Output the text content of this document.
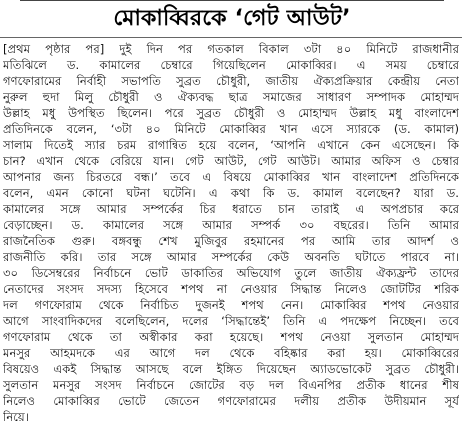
মোকাব্বিরকে ‘গেট আউট’
[প্রথম পৃষ্ঠার পর] দুই দিন পর গতকাল বিকাল ৩টা ৪০ মিনিটে রাজধানীর
মতিঝিলে ড. কামালের চেম্বারে গিয়েছিলেন মোকাব্বির। এ সময় চেম্বারে
গণফোরামের নির্বাহী সভাপতি সুব্রত চৌধুরী, জাতীয় ঐক্যপ্রক্রিয়ার কেন্দ্রীয় নেতা
নুরুল হুদা মিলু চৌধুরী ও ঐক্যবদ্ধ ছাত্র সমাজের সাধারণ সম্পাদক মোহাম্মদ
উল্লাহ মধু উপস্থিত ছিলেন। পরে সুব্রত চৌধুরী ও মোহাম্মদ উল্লাহ মধু বাংলাদেশ
প্রতিদিনকে বলেন, ‘৩টা ৪০ মিনিটে মোকাব্বির খান এসে স্যারকে (ড. কামাল)
সালাম দিতেই স্যার চরম রাগান্বিত হয়ে বলেন, ‘আপনি এখানে কেন এসেছেন। কি
চান? এখান থেকে বেরিয়ে যান। গেট আউট, গেট আউট। আমার অফিস ও চেম্বার
আপনার জন্য চিরতরে বন্ধ।’ তবে এ বিষয়ে মোকাব্বির খান বাংলাদেশ প্রতিদিনকে
বলেন, এমন কোনো ঘটনা ঘটেনি। এ কথা কি ড. কামাল বলেছেন? যারা ড.
কামালের সঙ্গে আমার সম্পর্কের চির ধরাতে চান তারাই এ অপপ্রচার করে
বেড়াচ্ছেন। ড. কামালের সঙ্গে আমার সম্পর্ক ৩০ বছরের। তিনি আমার
রাজনৈতিক গুরু। বঙ্গবন্ধু শেখ মুজিবুর রহমানের পর আমি তার আদর্শ ও
রাজনীতি করি। তার সঙ্গে আমার সম্পর্কের কেউ অবনতি ঘটাতে পারবে না।
৩০ ডিসেম্বরের নির্বাচনে ভোট ডাকাতির অভিযোগ তুলে জাতীয় ঐক্যফ্রন্ট তাদের
নেতাদের সংসদ সদস্য হিসেবে শপথ না নেওয়ার সিদ্ধান্ত নিলেও জোটটির শরিক
দল গণফোরাম থেকে নির্বাচিত দুজনই শপথ নেন। মোকাব্বির শপথ নেওয়ার
আগে সাংবাদিকদের বলেছিলেন, দলের ‘সিদ্ধান্তেই’ তিনি এ পদক্ষেপ নিচ্ছেন। তবে
গণফোরাম থেকে তা অস্বীকার করা হয়েছে। শপথ নেওয়া সুলতান মোহাম্মদ
মনসুর আহমদকে এর আগে দল থেকে বহিষ্কার করা হয়। মোকাব্বিরের
বিষয়েও একই সিদ্ধান্ত আসছে বলে ইঙ্গিত দিয়েছেন অ্যাডভোকেট সুব্রত চৌধুরী।
সুলতান মনসুর সংসদ নির্বাচনে জোটের বড় দল বিএনপির প্রতীক ধানের শীষ
নিলেও মোকাব্বির ভোটে জেতেন গণফোরামের দলীয় প্রতীক উদীয়মান সূর্য
নিয়ে।
